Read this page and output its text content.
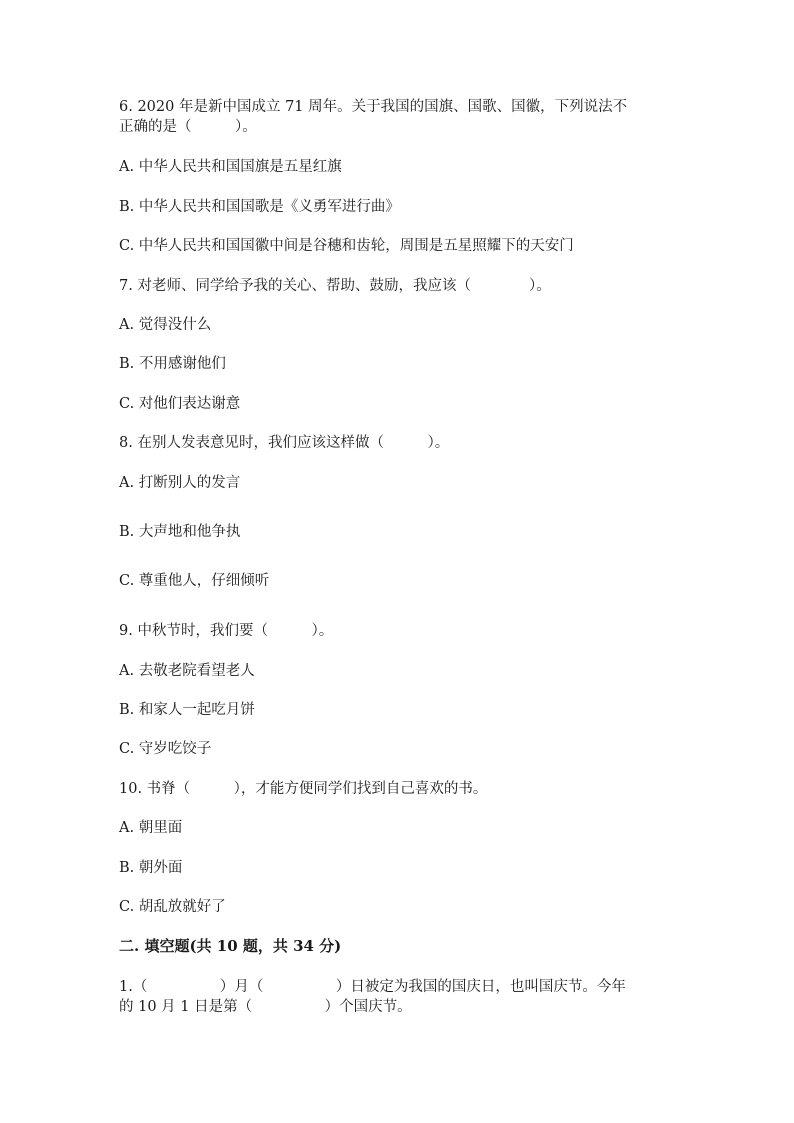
6. 2020 年是新中国成立 71 周年。关于我国的国旗、国歌、国徽，下列说法不
正确的是（　　　）。
A. 中华人民共和国国旗是五星红旗
B. 中华人民共和国国歌是《义勇军进行曲》
C. 中华人民共和国国徽中间是谷穗和齿轮，周围是五星照耀下的天安门
7. 对老师、同学给予我的关心、帮助、鼓励，我应该（　　　　）。
A. 觉得没什么
B. 不用感谢他们
C. 对他们表达谢意
8. 在别人发表意见时，我们应该这样做（　　　）。
A. 打断别人的发言
B. 大声地和他争执
C. 尊重他人，仔细倾听
9. 中秋节时，我们要（　　　）。
A. 去敬老院看望老人
B. 和家人一起吃月饼
C. 守岁吃饺子
10. 书脊（　　　），才能方便同学们找到自己喜欢的书。
A. 朝里面
B. 朝外面
C. 胡乱放就好了
二. 填空题(共 10 题，共 34 分)
1.（　　　　　）月（　　　　　）日被定为我国的国庆日，也叫国庆节。今年
的 10 月 1 日是第（　　　　　）个国庆节。
